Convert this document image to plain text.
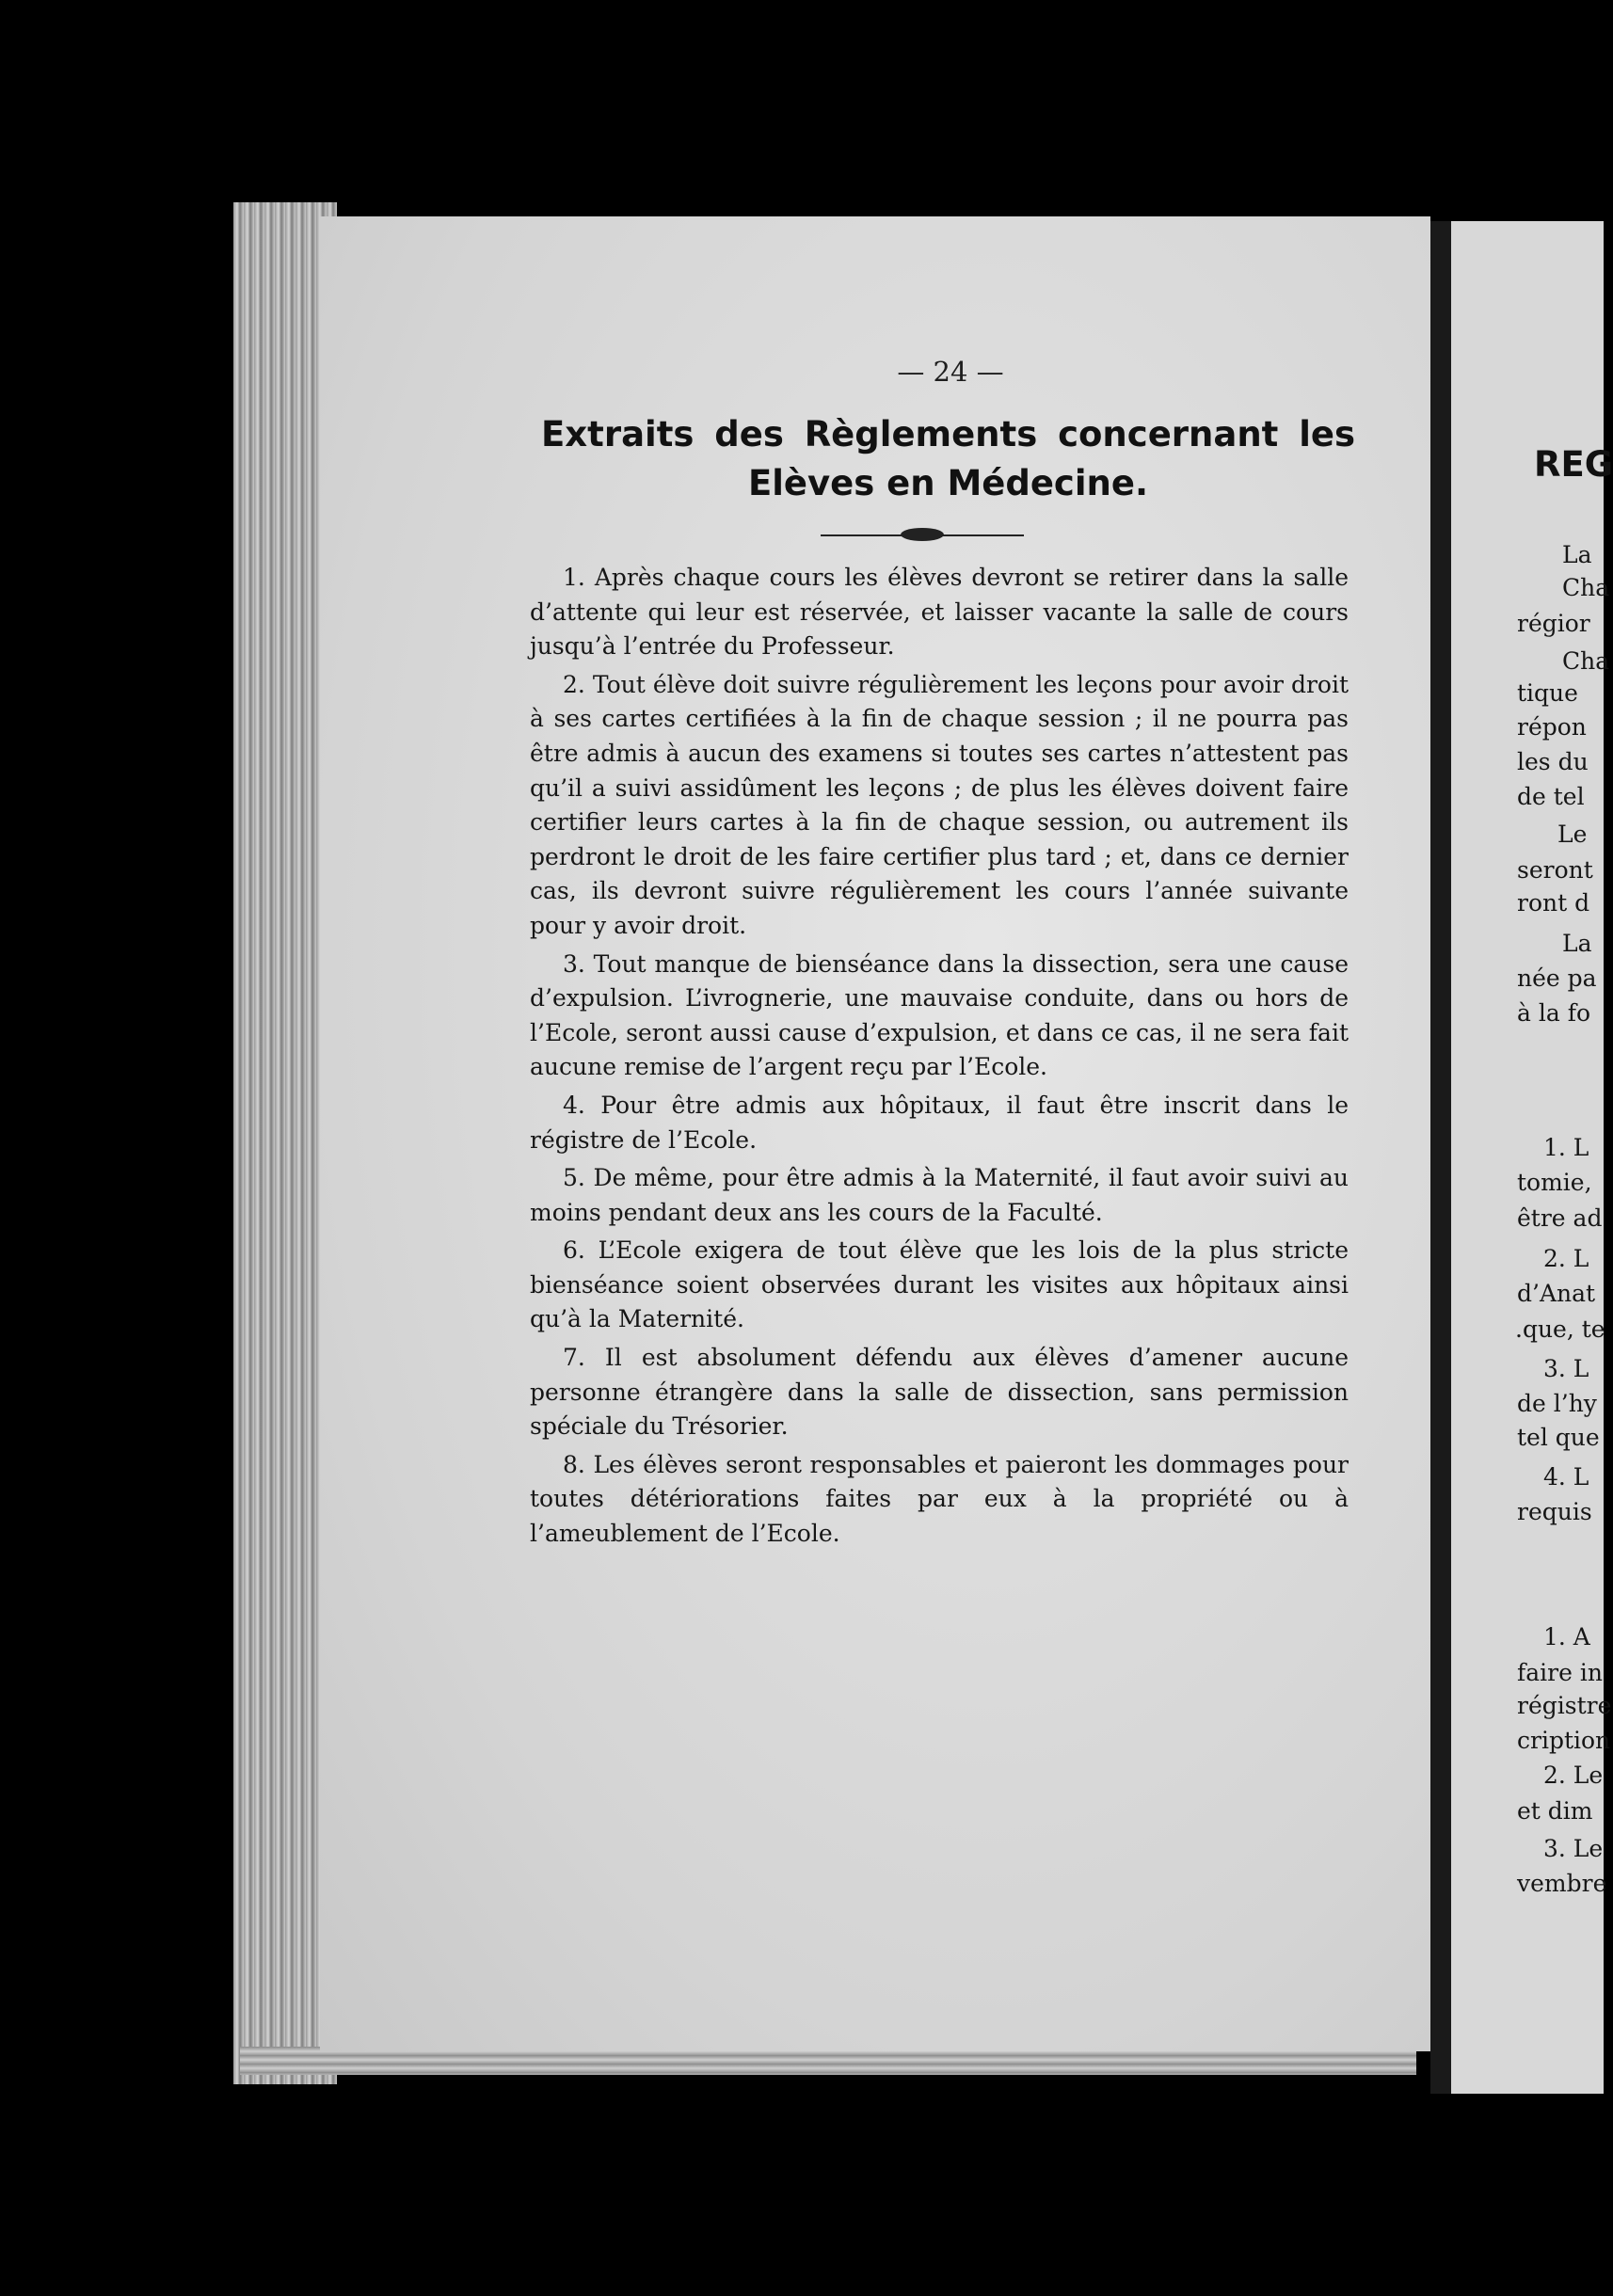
— 24 —
Extraits des Règlements concernant les
Elèves en Médecine.

1. Après chaque cours les élèves devront se retirer dans la salle d’attente qui leur est réservée, et laisser vacante la salle de cours jusqu’à l’entrée du Professeur.

2. Tout élève doit suivre régulièrement les leçons pour avoir droit à ses cartes certifiées à la fin de chaque session ; il ne pourra pas être admis à aucun des examens si toutes ses cartes n’attestent pas qu’il a suivi assidûment les leçons ; de plus les élèves doivent faire certifier leurs cartes à la fin de chaque session, ou autrement ils perdront le droit de les faire certifier plus tard ; et, dans ce dernier cas, ils devront suivre régulièrement les cours l’année suivante pour y avoir droit.

3. Tout manque de bienséance dans la dissection, sera une cause d’expulsion. L’ivrognerie, une mauvaise conduite, dans ou hors de l’Ecole, seront aussi cause d’expulsion, et dans ce cas, il ne sera fait aucune remise de l’argent reçu par l’Ecole.

4. Pour être admis aux hôpitaux, il faut être inscrit dans le régistre de l’Ecole.

5. De même, pour être admis à la Maternité, il faut avoir suivi au moins pendant deux ans les cours de la Faculté.

6. L’Ecole exigera de tout élève que les lois de la plus stricte bienséance soient observées durant les visites aux hôpitaux ainsi qu’à la Maternité.

7. Il est absolument défendu aux élèves d’amener aucune personne étrangère dans la salle de dissection, sans permission spéciale du Trésorier.

8. Les élèves seront responsables et paieront les dommages pour toutes détériorations faites par eux à la propriété ou à l’ameublement de l’Ecole.

REG
La
Cha
régior
Cha
tique
répon
les du
de tel
Le
seront
ront d
La
née pa
à la fo
1. L
tomie,
être ad
2. L
d’Anat
.que, te
3. L
de l’hy
tel que
4. L
requis
1. A
faire in
régistre
cription
2. Le
et dim
3. Le
vembre
